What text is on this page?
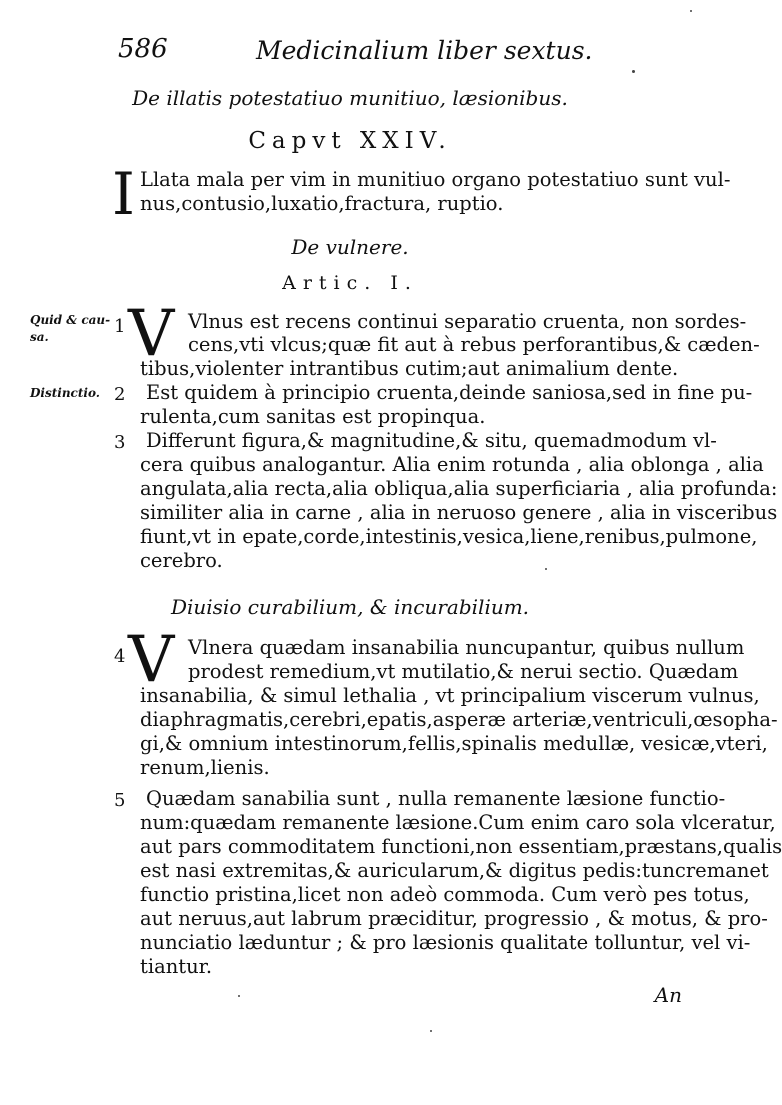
586	Medicinalium liber sextus.
De illatis potestatiuo munitiuo, læsionibus.
Capvt XXIV.
I Llata mala per vim in munitiuo organo potestatiuo sunt vul-
nus,contusio,luxatio,fractura, ruptio.
De vulnere.
Artic. I.
Quid & cau-
sa.
Distinctio.
1 V Vlnus est recens continui separatio cruenta, non sordes-
cens,vti vlcus;quæ fit aut à rebus perforantibus,& cæden-
tibus,violenter intrantibus cutim;aut animalium dente.
2 Est quidem à principio cruenta,deinde saniosa,sed in fine pu-
rulenta,cum sanitas est propinqua.
3 Differunt figura,& magnitudine,& situ, quemadmodum vl-
cera quibus analogantur. Alia enim rotunda , alia oblonga , alia
angulata,alia recta,alia obliqua,alia superficiaria , alia profunda:
similiter alia in carne , alia in neruoso genere , alia in visceribus
fiunt,vt in epate,corde,intestinis,vesica,liene,renibus,pulmone,
cerebro.
Diuisio curabilium, & incurabilium.
4 V Vlnera quædam insanabilia nuncupantur, quibus nullum
prodest remedium,vt mutilatio,& nerui sectio. Quædam
insanabilia, & simul lethalia , vt principalium viscerum vulnus,
diaphragmatis,cerebri,epatis,asperæ arteriæ,ventriculi,œsopha-
gi,& omnium intestinorum,fellis,spinalis medullæ, vesicæ,vteri,
renum,lienis.
5 Quædam sanabilia sunt , nulla remanente læsione functio-
num:quædam remanente læsione.Cum enim caro sola vlceratur,
aut pars commoditatem functioni,non essentiam,præstans,qualis
est nasi extremitas,& auricularum,& digitus pedis:tuncremanet
functio pristina,licet non adeò commoda. Cum verò pes totus,
aut neruus,aut labrum præciditur, progressio , & motus, & pro-
nunciatio læduntur ; & pro læsionis qualitate tolluntur, vel vi-
tiantur.
An
